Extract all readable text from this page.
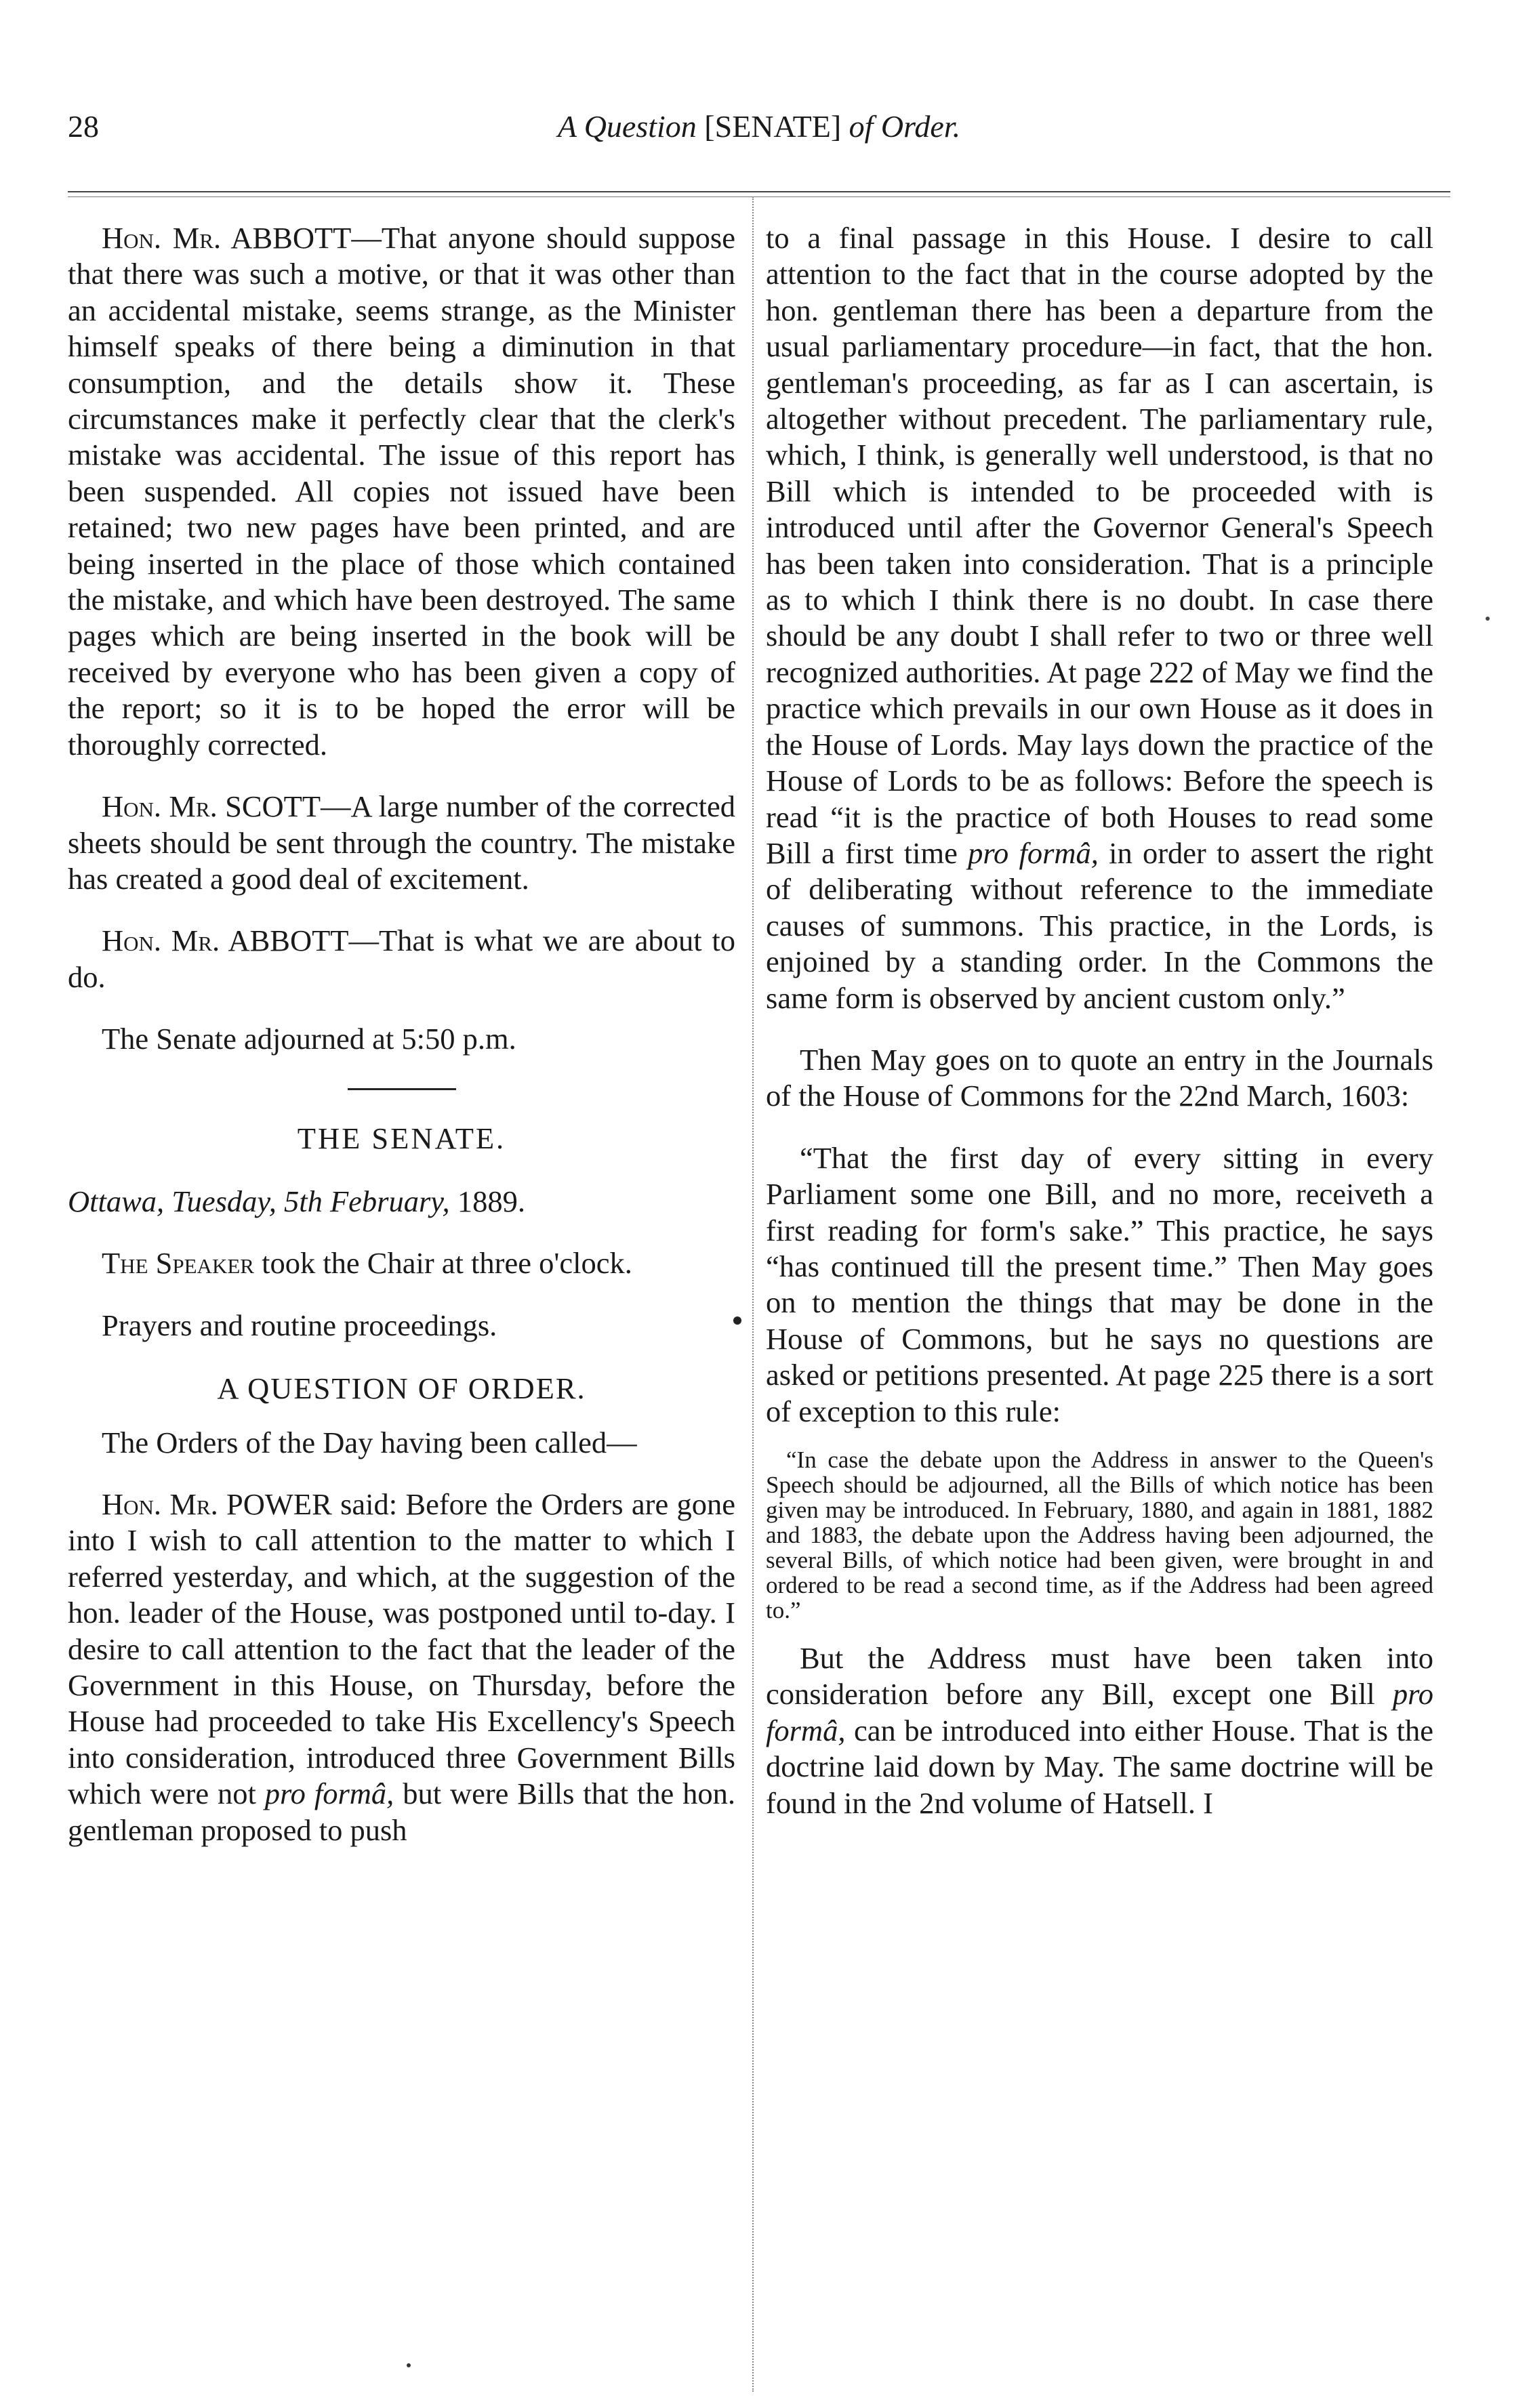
28	A Question [SENATE] of Order.

Hon. Mr. ABBOTT—That anyone should suppose that there was such a motive, or that it was other than an accidental mistake, seems strange, as the Minister himself speaks of there being a diminution in that consumption, and the details show it. These circumstances make it perfectly clear that the clerk's mistake was accidental. The issue of this report has been suspended. All copies not issued have been retained; two new pages have been printed, and are being inserted in the place of those which contained the mistake, and which have been destroyed. The same pages which are being inserted in the book will be received by everyone who has been given a copy of the report; so it is to be hoped the error will be thoroughly corrected.

Hon. Mr. SCOTT—A large number of the corrected sheets should be sent through the country. The mistake has created a good deal of excitement.

Hon. Mr. ABBOTT—That is what we are about to do.

The Senate adjourned at 5:50 p.m.

THE SENATE.

Ottawa, Tuesday, 5th February, 1889.

The Speaker took the Chair at three o'clock.

Prayers and routine proceedings.

A QUESTION OF ORDER.

The Orders of the Day having been called—

Hon. Mr. POWER said: Before the Orders are gone into I wish to call attention to the matter to which I referred yesterday, and which, at the suggestion of the hon. leader of the House, was postponed until to-day. I desire to call attention to the fact that the leader of the Government in this House, on Thursday, before the House had proceeded to take His Excellency's Speech into consideration, introduced three Government Bills which were not pro formâ, but were Bills that the hon. gentleman proposed to push

to a final passage in this House. I desire to call attention to the fact that in the course adopted by the hon. gentleman there has been a departure from the usual parliamentary procedure—in fact, that the hon. gentleman's proceeding, as far as I can ascertain, is altogether without precedent. The parliamentary rule, which, I think, is generally well understood, is that no Bill which is intended to be proceeded with is introduced until after the Governor General's Speech has been taken into consideration. That is a principle as to which I think there is no doubt. In case there should be any doubt I shall refer to two or three well recognized authorities. At page 222 of May we find the practice which prevails in our own House as it does in the House of Lords. May lays down the practice of the House of Lords to be as follows: Before the speech is read “it is the practice of both Houses to read some Bill a first time pro formâ, in order to assert the right of deliberating without reference to the immediate causes of summons. This practice, in the Lords, is enjoined by a standing order. In the Commons the same form is observed by ancient custom only.”

Then May goes on to quote an entry in the Journals of the House of Commons for the 22nd March, 1603:

“That the first day of every sitting in every Parliament some one Bill, and no more, receiveth a first reading for form's sake.” This practice, he says “has continued till the present time.” Then May goes on to mention the things that may be done in the House of Commons, but he says no questions are asked or petitions presented. At page 225 there is a sort of exception to this rule:

“In case the debate upon the Address in answer to the Queen's Speech should be adjourned, all the Bills of which notice has been given may be introduced. In February, 1880, and again in 1881, 1882 and 1883, the debate upon the Address having been adjourned, the several Bills, of which notice had been given, were brought in and ordered to be read a second time, as if the Address had been agreed to.”

But the Address must have been taken into consideration before any Bill, except one Bill pro formâ, can be introduced into either House. That is the doctrine laid down by May. The same doctrine will be found in the 2nd volume of Hatsell. I
